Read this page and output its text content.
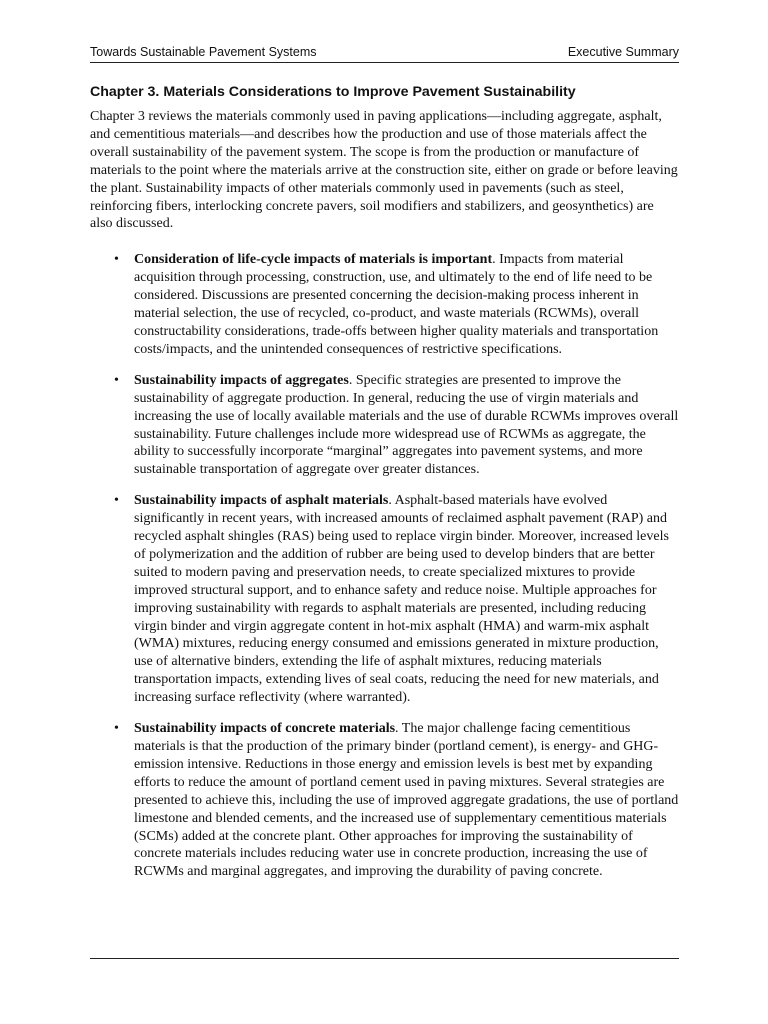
Towards Sustainable Pavement Systems	Executive Summary
Chapter 3. Materials Considerations to Improve Pavement Sustainability

Chapter 3 reviews the materials commonly used in paving applications—including aggregate, asphalt, and cementitious materials—and describes how the production and use of those materials affect the overall sustainability of the pavement system. The scope is from the production or manufacture of materials to the point where the materials arrive at the construction site, either on grade or before leaving the plant. Sustainability impacts of other materials commonly used in pavements (such as steel, reinforcing fibers, interlocking concrete pavers, soil modifiers and stabilizers, and geosynthetics) are also discussed.

• Consideration of life-cycle impacts of materials is important. Impacts from material acquisition through processing, construction, use, and ultimately to the end of life need to be considered. Discussions are presented concerning the decision-making process inherent in material selection, the use of recycled, co-product, and waste materials (RCWMs), overall constructability considerations, trade-offs between higher quality materials and transportation costs/impacts, and the unintended consequences of restrictive specifications.
• Sustainability impacts of aggregates. Specific strategies are presented to improve the sustainability of aggregate production. In general, reducing the use of virgin materials and increasing the use of locally available materials and the use of durable RCWMs improves overall sustainability. Future challenges include more widespread use of RCWMs as aggregate, the ability to successfully incorporate “marginal” aggregates into pavement systems, and more sustainable transportation of aggregate over greater distances.
• Sustainability impacts of asphalt materials. Asphalt-based materials have evolved significantly in recent years, with increased amounts of reclaimed asphalt pavement (RAP) and recycled asphalt shingles (RAS) being used to replace virgin binder. Moreover, increased levels of polymerization and the addition of rubber are being used to develop binders that are better suited to modern paving and preservation needs, to create specialized mixtures to provide improved structural support, and to enhance safety and reduce noise. Multiple approaches for improving sustainability with regards to asphalt materials are presented, including reducing virgin binder and virgin aggregate content in hot-mix asphalt (HMA) and warm-mix asphalt (WMA) mixtures, reducing energy consumed and emissions generated in mixture production, use of alternative binders, extending the life of asphalt mixtures, reducing materials transportation impacts, extending lives of seal coats, reducing the need for new materials, and increasing surface reflectivity (where warranted).
• Sustainability impacts of concrete materials. The major challenge facing cementitious materials is that the production of the primary binder (portland cement), is energy- and GHG-emission intensive. Reductions in those energy and emission levels is best met by expanding efforts to reduce the amount of portland cement used in paving mixtures. Several strategies are presented to achieve this, including the use of improved aggregate gradations, the use of portland limestone and blended cements, and the increased use of supplementary cementitious materials (SCMs) added at the concrete plant. Other approaches for improving the sustainability of concrete materials includes reducing water use in concrete production, increasing the use of RCWMs and marginal aggregates, and improving the durability of paving concrete.
